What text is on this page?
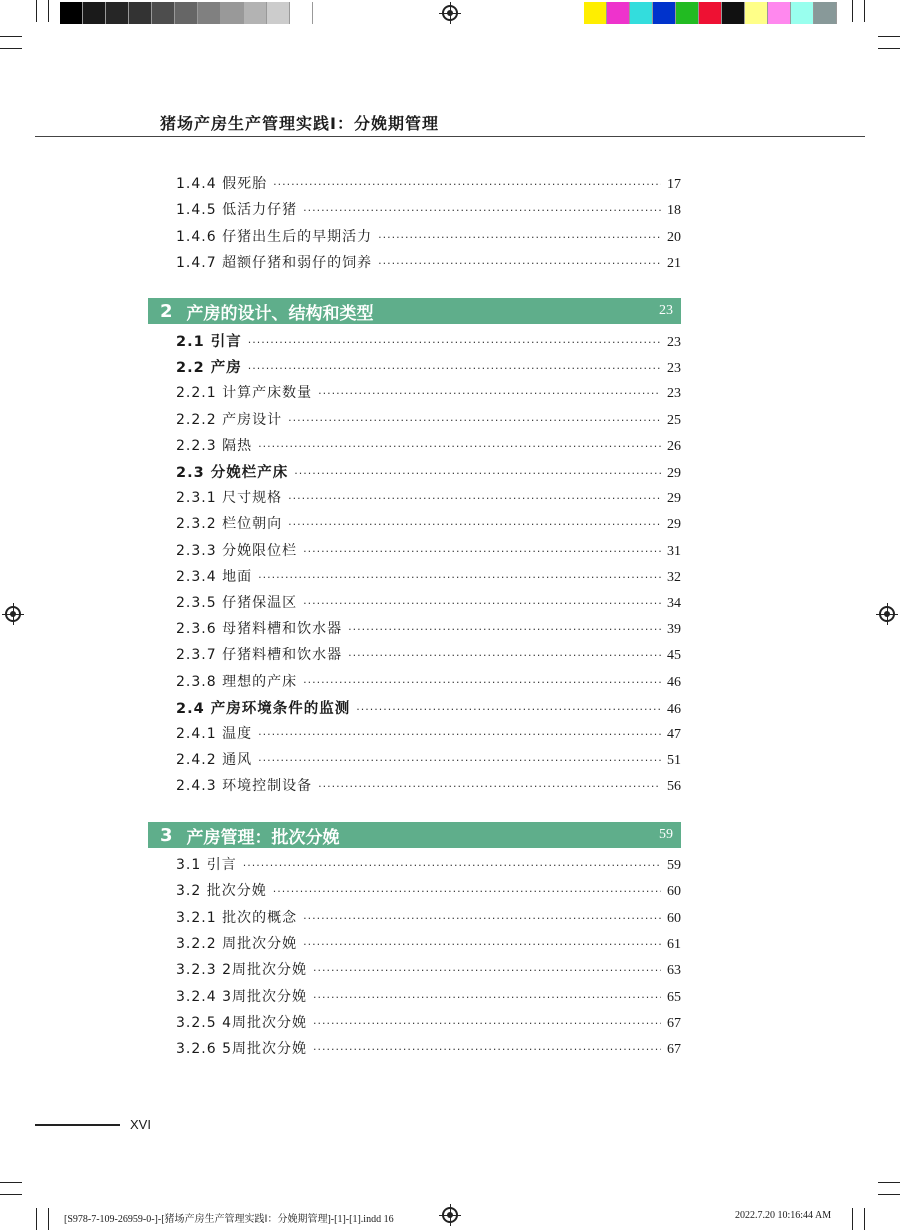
猪场产房生产管理实践Ⅰ：分娩期管理
1.4.4 假死胎 ·····	17
1.4.5 低活力仔猪 ·····	18
1.4.6 仔猪出生后的早期活力 ·····	20
1.4.7 超额仔猪和弱仔的饲养 ·····	21
2 产房的设计、结构和类型	23
2.1 引言 ·····	23
2.2 产房 ·····	23
2.2.1 计算产床数量 ·····	23
2.2.2 产房设计 ·····	25
2.2.3 隔热 ·····	26
2.3 分娩栏产床 ·····	29
2.3.1 尺寸规格 ·····	29
2.3.2 栏位朝向 ·····	29
2.3.3 分娩限位栏 ·····	31
2.3.4 地面 ·····	32
2.3.5 仔猪保温区 ·····	34
2.3.6 母猪料槽和饮水器 ·····	39
2.3.7 仔猪料槽和饮水器 ·····	45
2.3.8 理想的产床 ·····	46
2.4 产房环境条件的监测 ·····	46
2.4.1 温度 ·····	47
2.4.2 通风 ·····	51
2.4.3 环境控制设备 ·····	56
3 产房管理：批次分娩	59
3.1 引言 ·····	59
3.2 批次分娩 ·····	60
3.2.1 批次的概念 ·····	60
3.2.2 周批次分娩 ·····	61
3.2.3 2周批次分娩 ·····	63
3.2.4 3周批次分娩 ·····	65
3.2.5 4周批次分娩 ·····	67
3.2.6 5周批次分娩 ·····	67
XVI
[S978-7-109-26959-0-]-[猪场产房生产管理实践Ⅰ：分娩期管理]-[1]-[1].indd 16	2022.7.20 10:16:44 AM
